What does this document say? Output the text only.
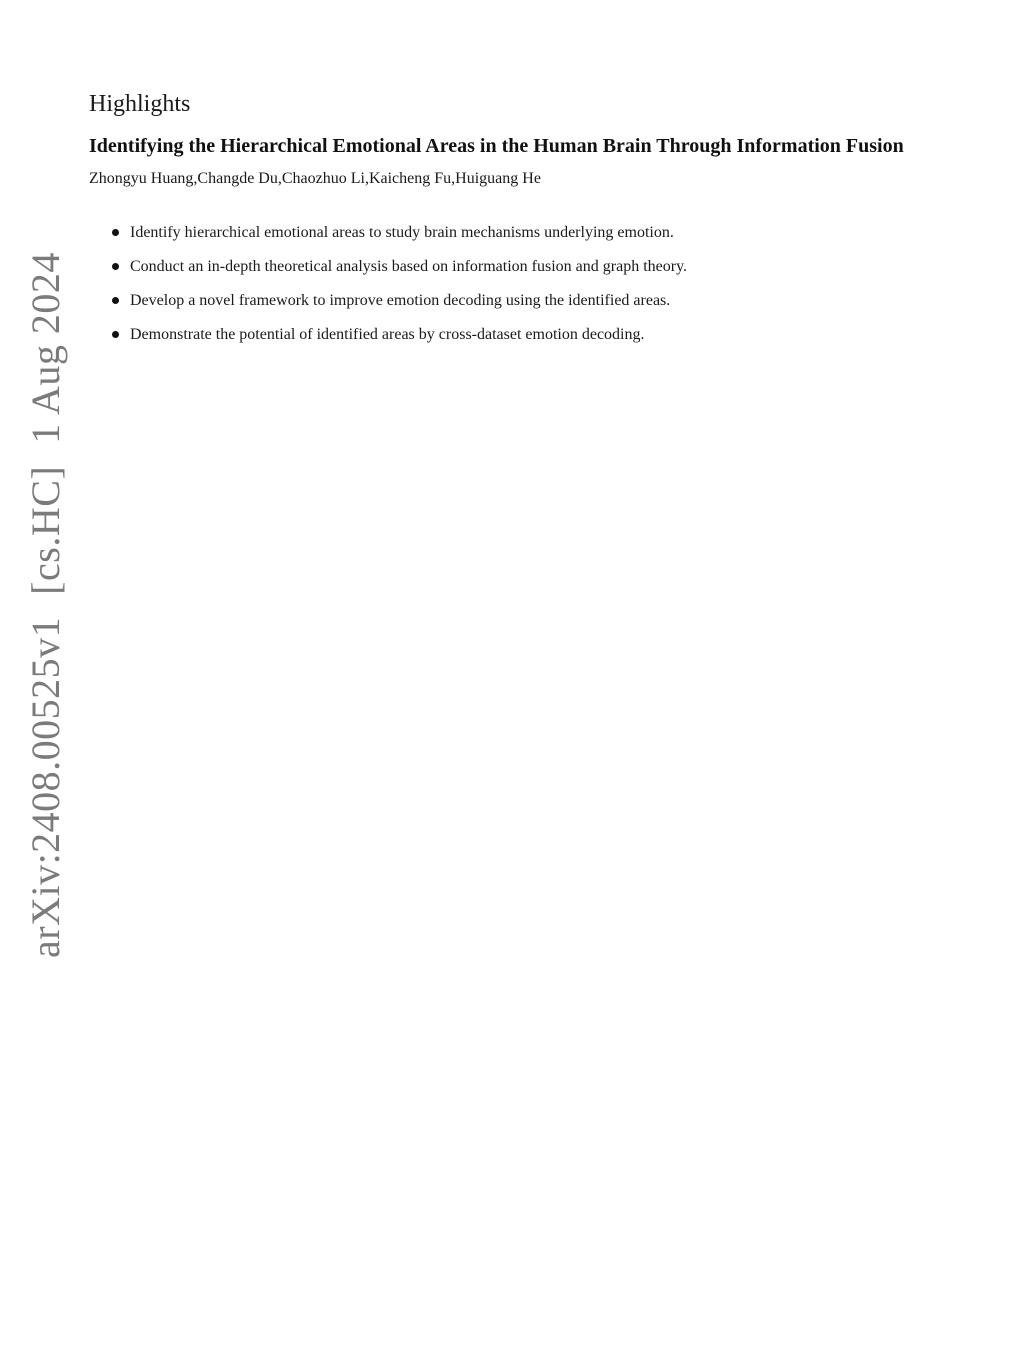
arXiv:2408.00525v1[cs.HC]1 Aug 2024
Highlights
Identifying the Hierarchical Emotional Areas in the Human Brain Through Information Fusion
Zhongyu Huang,Changde Du,Chaozhuo Li,Kaicheng Fu,Huiguang He
Identify hierarchical emotional areas to study brain mechanisms underlying emotion.
Conduct an in-depth theoretical analysis based on information fusion and graph theory.
Develop a novel framework to improve emotion decoding using the identified areas.
Demonstrate the potential of identified areas by cross-dataset emotion decoding.
